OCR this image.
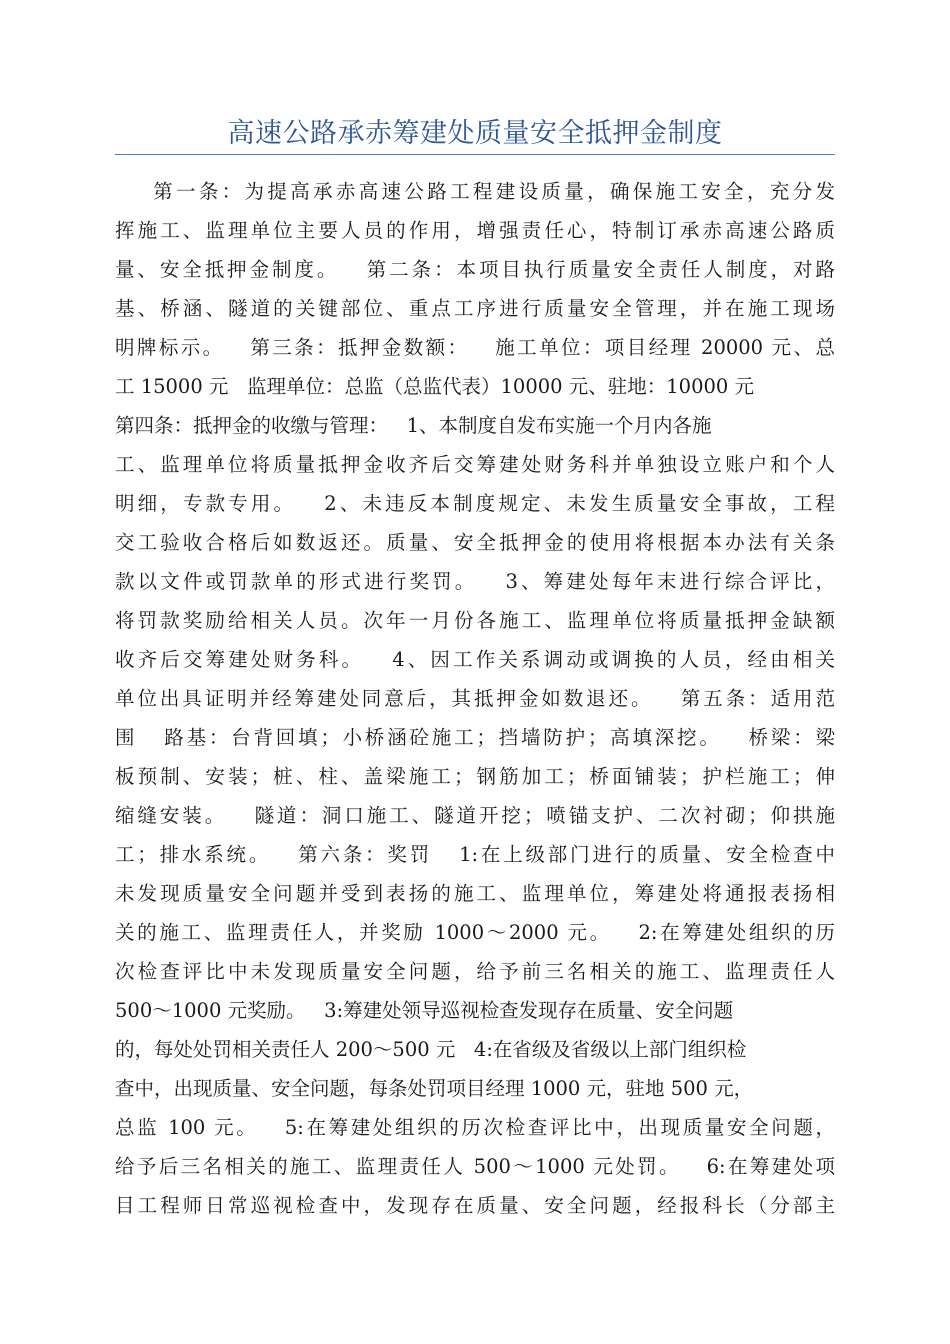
高速公路承赤筹建处质量安全抵押金制度
第一条：为提高承赤高速公路工程建设质量，确保施工安全，充分发
挥施工、监理单位主要人员的作用，增强责任心，特制订承赤高速公路质
量、安全抵押金制度。   第二条：本项目执行质量安全责任人制度，对路
基、桥涵、隧道的关键部位、重点工序进行质量安全管理，并在施工现场
明牌标示。   第三条：抵押金数额：   施工单位：项目经理 20000 元、总
工 15000 元   监理单位：总监（总监代表）10000 元、驻地：10000 元
第四条：抵押金的收缴与管理：   1、本制度自发布实施一个月内各施
工、监理单位将质量抵押金收齐后交筹建处财务科并单独设立账户和个人
明细，专款专用。   2、未违反本制度规定、未发生质量安全事故，工程
交工验收合格后如数返还。质量、安全抵押金的使用将根据本办法有关条
款以文件或罚款单的形式进行奖罚。   3、筹建处每年末进行综合评比，
将罚款奖励给相关人员。次年一月份各施工、监理单位将质量抵押金缺额
收齐后交筹建处财务科。   4、因工作关系调动或调换的人员，经由相关
单位出具证明并经筹建处同意后，其抵押金如数退还。   第五条：适用范
围   路基：台背回填；小桥涵砼施工；挡墙防护；高填深挖。   桥梁：梁
板预制、安装；桩、柱、盖梁施工；钢筋加工；桥面铺装；护栏施工；伸
缩缝安装。   隧道：洞口施工、隧道开挖；喷锚支护、二次衬砌；仰拱施
工；排水系统。   第六条：奖罚   1:在上级部门进行的质量、安全检查中
未发现质量安全问题并受到表扬的施工、监理单位，筹建处将通报表扬相
关的施工、监理责任人，并奖励 1000～2000 元。   2:在筹建处组织的历
次检查评比中未发现质量安全问题，给予前三名相关的施工、监理责任人
500～1000 元奖励。   3:筹建处领导巡视检查发现存在质量、安全问题
的，每处处罚相关责任人 200～500 元   4:在省级及省级以上部门组织检
查中，出现质量、安全问题，每条处罚项目经理 1000 元，驻地 500 元，
总监 100 元。   5:在筹建处组织的历次检查评比中，出现质量安全问题，
给予后三名相关的施工、监理责任人 500～1000 元处罚。   6:在筹建处项
目工程师日常巡视检查中，发现存在质量、安全问题，经报科长（分部主
